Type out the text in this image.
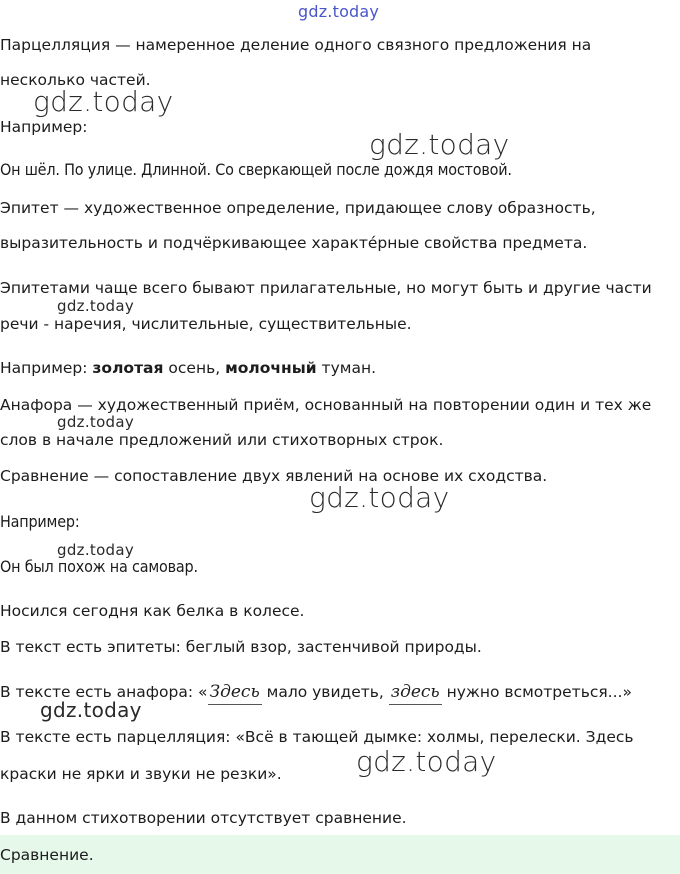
gdz.today
Парцелляция — намеренное деление одного связного предложения на
несколько частей.
Например:
Он шёл. По улице. Длинной. Со сверкающей после дождя мостовой.
Эпитет — художественное определение, придающее слову образность,
выразительность и подчёркивающее характе́рные свойства предмета.
Эпитетами чаще всего бывают прилагательные, но могут быть и другие части
речи - наречия, числительные, существительные.
Например: золотая осень, молочный туман.
Анафора — художественный приём, основанный на повторении один и тех же
слов в начале предложений или стихотворных строк.
Сравнение — сопоставление двух явлений на основе их сходства.
Например:
Он был похож на самовар.
Носился сегодня как белка в колесе.
В текст есть эпитеты: беглый взор, застенчивой природы.
В тексте есть анафора: « Здесь мало увидеть, здесь нужно всмотреться...»
В тексте есть парцелляция: «Всё в тающей дымке: холмы, перелески. Здесь
краски не ярки и звуки не резки».
В данном стихотворении отсутствует сравнение.
Сравнение.
gdz.today
gdz.today
gdz.today
gdz.today
gdz.today
gdz.today
gdz.today
gdz.today
